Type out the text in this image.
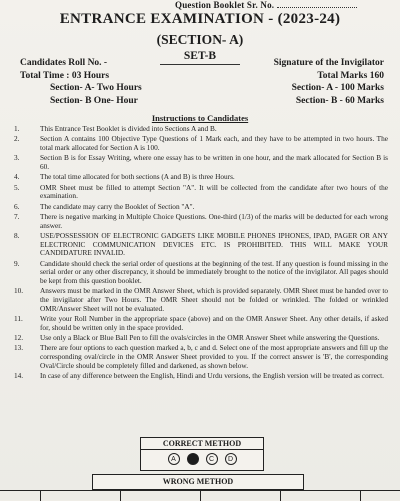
Question Booklet Sr. No.
ENTRANCE EXAMINATION - (2023-24)
(SECTION- A)
SET-B
Candidates Roll No. -
Total Time : 03 Hours
Section- A- Two Hours
Section- B One- Hour
Signature of the Invigilator
Total Marks 160
Section- A - 100 Marks
Section- B - 60 Marks
Instructions to Candidates
1.	This Entrance Test Booklet is divided into Sections A and B.
2.	Section A contains 100 Objective Type Questions of 1 Mark each, and they have to be attempted in two hours. The total mark allocated for Section A is 100.
3.	Section B is for Essay Writing, where one essay has to be written in one hour, and the mark allocated for Section B is 60.
4.	The total time allocated for both sections (A and B) is three Hours.
5.	OMR Sheet must be filled to attempt Section "A". It will be collected from the candidate after two hours of the examination.
6.	The candidate may carry the Booklet of Section "A".
7.	There is negative marking in Multiple Choice Questions. One-third (1/3) of the marks will be deducted for each wrong answer.
8.	USE/POSSESSION OF ELECTRONIC GADGETS LIKE MOBILE PHONES IPHONES, IPAD, PAGER OR ANY ELECTRONIC COMMUNICATION DEVICES ETC. IS PROHIBITED. THIS WILL MAKE YOUR CANDIDATURE INVALID.
9.	Candidate should check the serial order of questions at the beginning of the test. If any question is found missing in the serial order or any other discrepancy, it should be immediately brought to the notice of the invigilator. All pages should be kept from this question booklet.
10.	Answers must be marked in the OMR Answer Sheet, which is provided separately. OMR Sheet must be handed over to the invigilator after Two Hours. The OMR Sheet should not be folded or wrinkled. The folded or wrinkled OMR/Answer Sheet will not be evaluated.
11.	Write your Roll Number in the appropriate space (above) and on the OMR Answer Sheet. Any other details, if asked for, should be written only in the space provided.
12.	Use only a Black or Blue Ball Pen to fill the ovals/circles in the OMR Answer Sheet while answering the Questions.
13.	There are four options to each question marked a, b, c and d. Select one of the most appropriate answers and fill up the corresponding oval/circle in the OMR Answer Sheet provided to you. If the correct answer is 'B', the corresponding Oval/Circle should be completely filled and darkened, as shown below.
14.	In case of any difference between the English, Hindi and Urdu versions, the English version will be treated as correct.
CORRECT METHOD
A	B	C	D
WRONG METHOD
